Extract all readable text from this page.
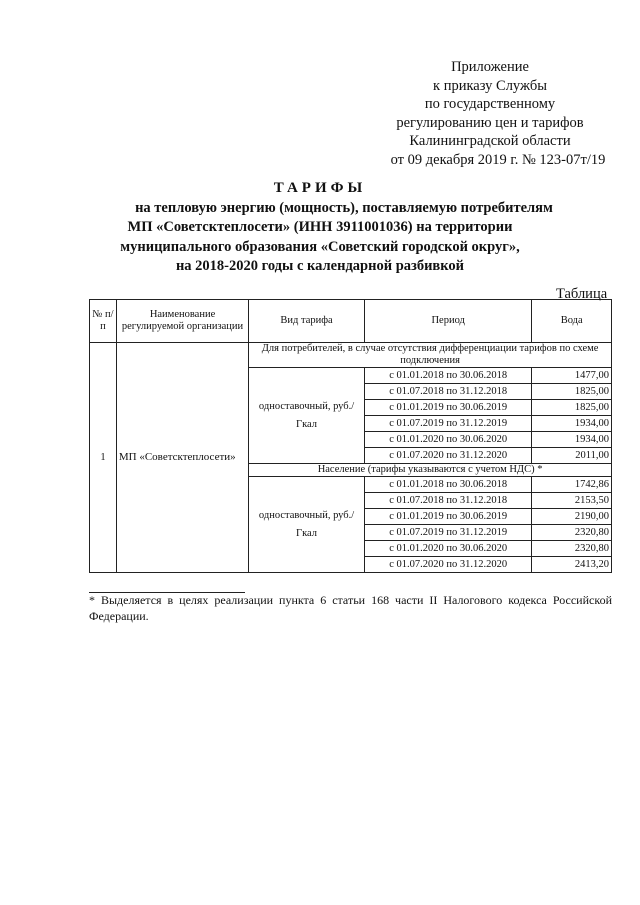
Приложение
к приказу Службы
по государственному
регулированию цен и тарифов
Калининградской области
от 09 декабря 2019 г. № 123-07т/19
ТАРИФЫ
на тепловую энергию (мощность), поставляемую потребителям
МП «Советсктеплосети» (ИНН 3911001036) на территории
муниципального образования «Советский городской округ»,
на 2018-2020 годы с календарной разбивкой
Таблица
№ п/п	Наименование регулируемой организации	Вид тарифа	Период	Вода
1	МП «Советсктеплосети»	Для потребителей, в случае отсутствия дифференциации тарифов по схеме подключения		
		одноставочный, руб./Гкал	с 01.01.2018 по 30.06.2018	1477,00
			с 01.07.2018 по 31.12.2018	1825,00
			с 01.01.2019 по 30.06.2019	1825,00
			с 01.07.2019 по 31.12.2019	1934,00
			с 01.01.2020 по 30.06.2020	1934,00
			с 01.07.2020 по 31.12.2020	2011,00
		Население (тарифы указываются с учетом НДС) *		
		одноставочный, руб./Гкал	с 01.01.2018 по 30.06.2018	1742,86
			с 01.07.2018 по 31.12.2018	2153,50
			с 01.01.2019 по 30.06.2019	2190,00
			с 01.07.2019 по 31.12.2019	2320,80
			с 01.01.2020 по 30.06.2020	2320,80
			с 01.07.2020 по 31.12.2020	2413,20
* Выделяется в целях реализации пункта 6 статьи 168 части II Налогового кодекса Российской Федерации.
